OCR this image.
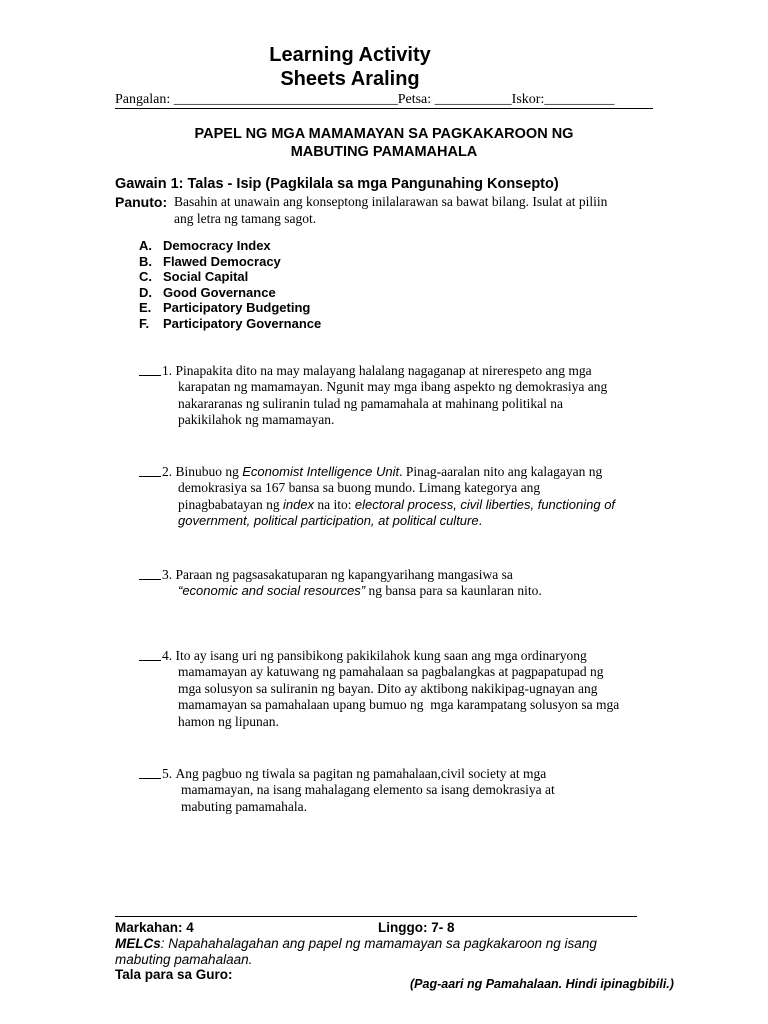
Learning Activity
Sheets Araling
Pangalan: ________________________________Petsa: ___________Iskor:__________
PAPEL NG MGA MAMAMAYAN SA PAGKAKAROON NG
MABUTING PAMAMAHALA
Gawain 1: Talas - Isip (Pagkilala sa mga Pangunahing Konsepto)
Panuto: Basahin at unawain ang konseptong inilalarawan sa bawat bilang. Isulat at piliin
ang letra ng tamang sagot.
A. Democracy Index
B. Flawed Democracy
C. Social Capital
D. Good Governance
E. Participatory Budgeting
F.	Participatory Governance
1.
Pinapakita dito na may malayang halalang nagaganap at nirerespeto ang mga
karapatan ng mamamayan. Ngunit may mga ibang aspekto ng demokrasiya ang
nakararanas ng suliranin tulad ng pamamahala at mahinang politikal na
pakikilahok ng mamamayan.
2.
Binubuo ng
Economist Intelligence Unit . Pinag-aaralan nito ang kalagayan ng
demokrasiya sa 167 bansa sa buong mundo. Limang kategorya ang
pinagbabatayan ng index na ito: electoral process, civil liberties, functioning of
government, political participation, at political culture.
3.
Paraan ng pagsasakatuparan ng kapangyarihang mangasiwa sa
“economic and social resources” ng bansa para sa kaunlaran nito.
4.
Ito ay isang uri ng pansibikong pakikilahok kung saan ang mga ordinaryong
mamamayan ay katuwang ng pamahalaan sa pagbalangkas at pagpapatupad ng
mga solusyon sa suliranin ng bayan. Dito ay aktibong nakikipag-ugnayan ang
mamamayan sa pamahalaan upang bumuo ng  mga karampatang solusyon sa mga
hamon ng lipunan.
5.
Ang pagbuo ng tiwala sa pagitan ng pamahalaan,civil society at mga
mamamayan, na isang mahalagang elemento sa isang demokrasiya at
mabuting pamamahala.
Markahan: 4	Linggo: 7- 8
MELCs: Napahahalagahan ang papel ng mamamayan sa pagkakaroon ng isang
mabuting pamahalaan.
Tala para sa Guro:
(Pag-aari ng Pamahalaan. Hindi ipinagbibili.)
